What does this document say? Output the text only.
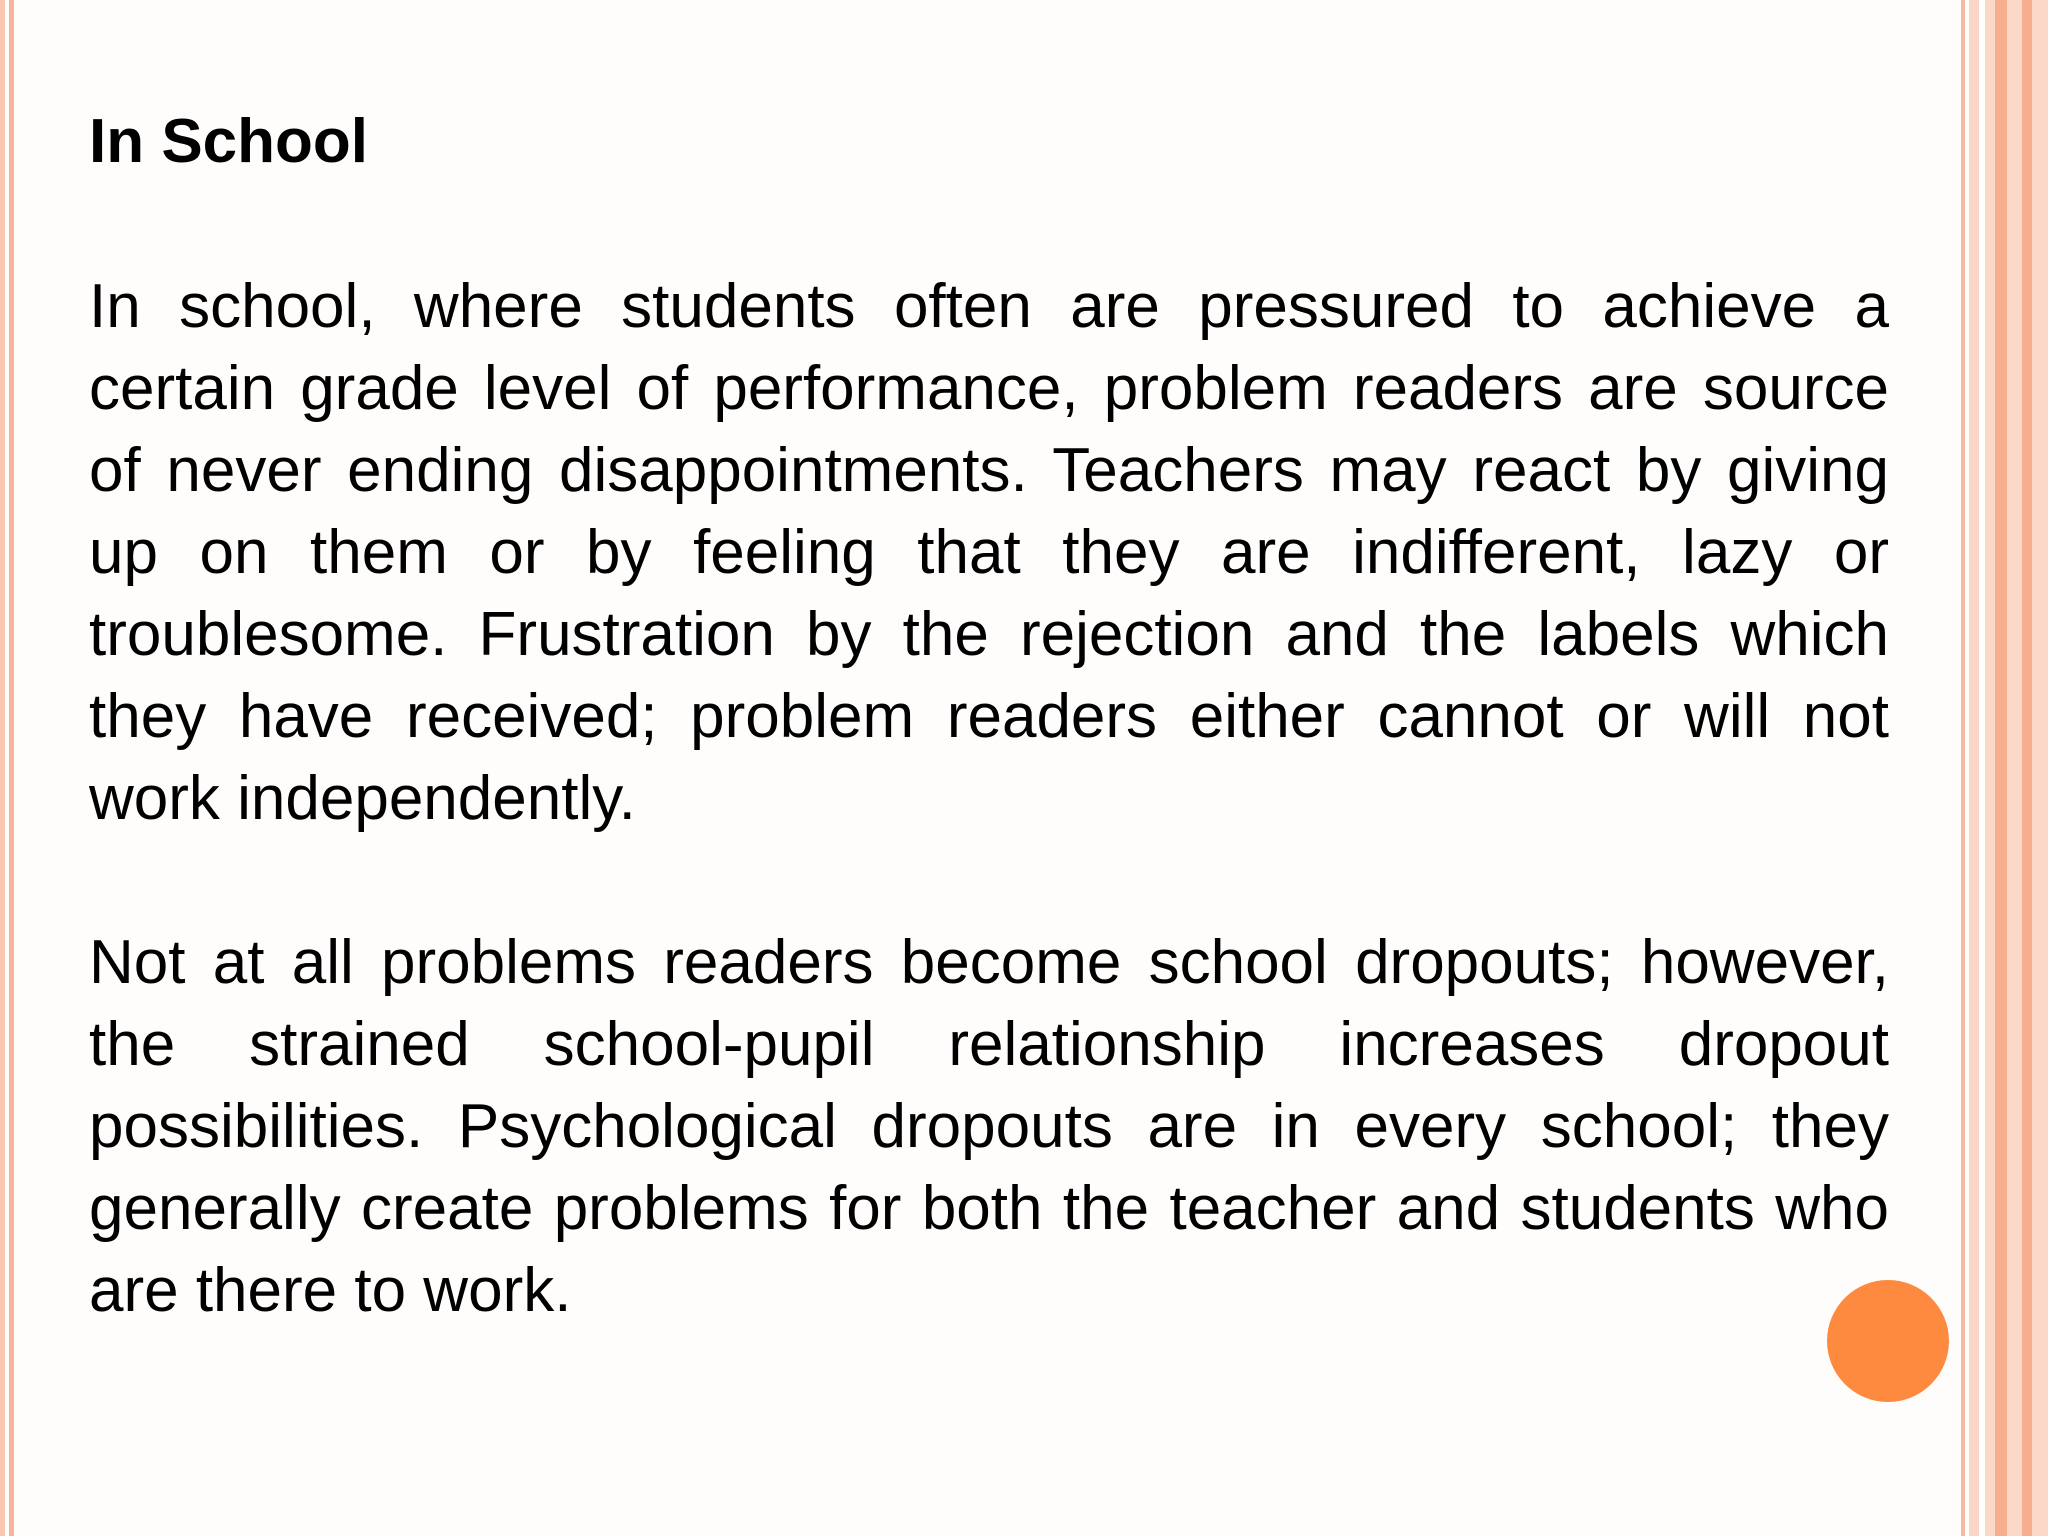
In School

In school, where students often are pressured to achieve a certain grade level of performance, problem readers are source of never ending disappointments. Teachers may react by giving up on them or by feeling that they are indifferent, lazy or troublesome. Frustration by the rejection and the labels which they have received; problem readers either cannot or will not work independently.

Not at all problems readers become school dropouts; however, the strained school-pupil relationship increases dropout possibilities. Psychological dropouts are in every school; they generally create problems for both the teacher and students who are there to work.
